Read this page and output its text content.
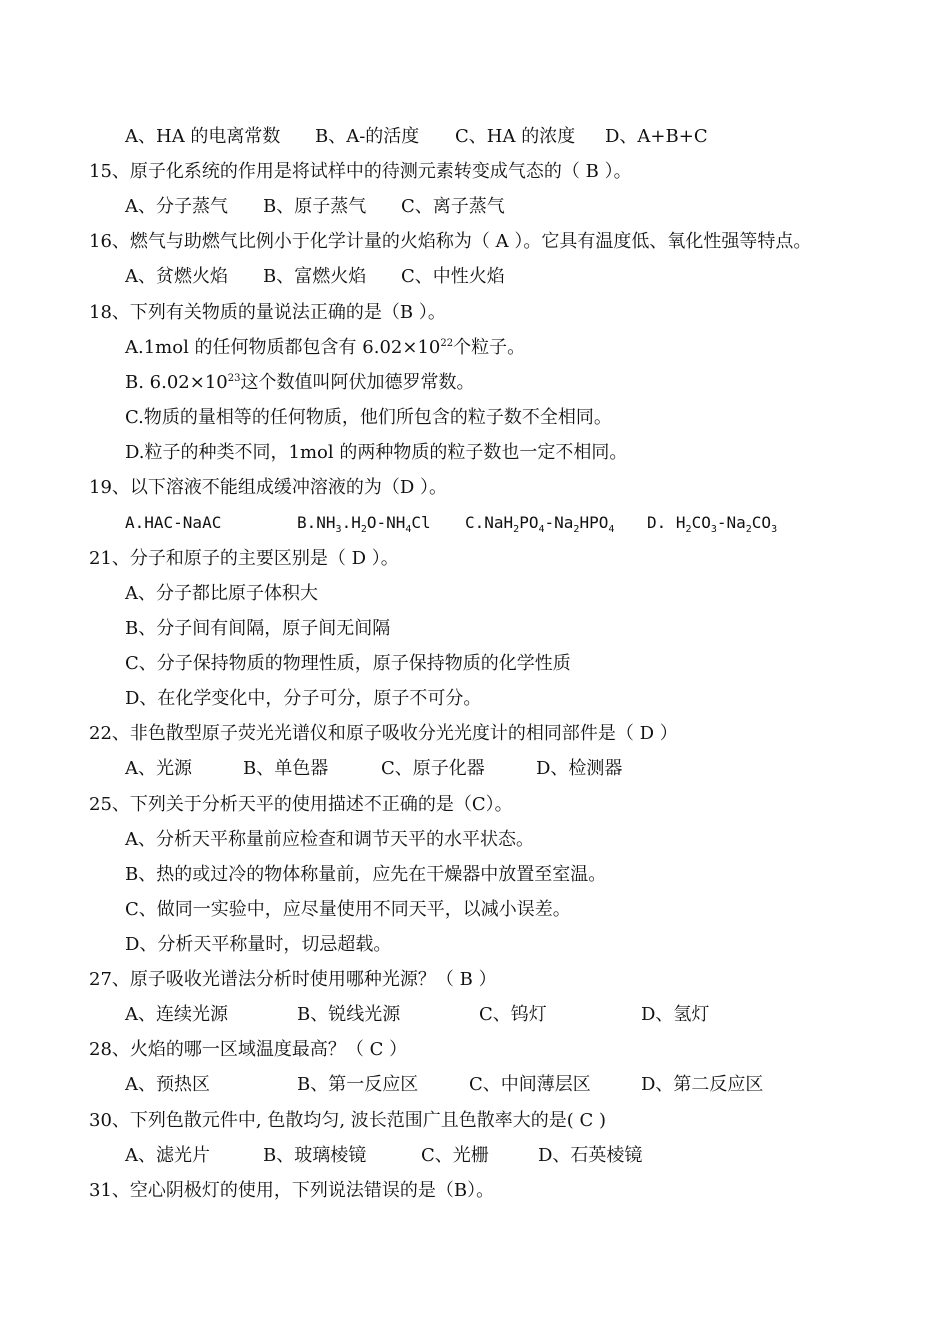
A、HA 的电离常数 B、A-的活度 C、HA 的浓度 D、A+B+C
15、原子化系统的作用是将试样中的待测元素转变成气态的（ B ）。
A、分子蒸气 B、原子蒸气 C、离子蒸气
16、燃气与助燃气比例小于化学计量的火焰称为（ A ）。它具有温度低、氧化性强等特点。
A、贫燃火焰 B、富燃火焰 C、中性火焰
18、下列有关物质的量说法正确的是（B ）。
A.1mol 的任何物质都包含有 $6.02\times 10^{22}$个粒子。
B. $6.02\times 10^{23}$这个数值叫阿伏加德罗常数。
C.物质的量相等的任何物质，他们所包含的粒子数不全相同。
D.粒子的种类不同，1mol 的两种物质的粒子数也一定不相同。
19、以下溶液不能组成缓冲溶液的为（D ）。
A.HAC-NaAC	$B.NH_3.H_2O-NH_4Cl$ $C.NaH_2PO_4-Na_2HPO_4$ D. $H_2CO_3-Na_2CO_3$
21、分子和原子的主要区别是（ D ）。
A、分子都比原子体积大
B、分子间有间隔，原子间无间隔
C、分子保持物质的物理性质，原子保持物质的化学性质
D、在化学变化中，分子可分，原子不可分。
22、非色散型原子荧光光谱仪和原子吸收分光光度计的相同部件是（ D ）
A、光源	B、单色器	C、原子化器	D、检测器
25、下列关于分析天平的使用描述不正确的是（C）。
A、分析天平称量前应检查和调节天平的水平状态。
B、热的或过冷的物体称量前，应先在干燥器中放置至室温。
C、做同一实验中，应尽量使用不同天平，以减小误差。
D、分析天平称量时，切忌超载。
27、原子吸收光谱法分析时使用哪种光源？（ B ）
A、连续光源	B、锐线光源	C、钨灯	D、氢灯
28、火焰的哪一区域温度最高？（ C ）
A、预热区	B、第一反应区	C、中间薄层区	D、第二反应区
30、下列色散元件中, 色散均匀, 波长范围广且色散率大的是( C )
A、滤光片	B、玻璃棱镜	C、光栅	D、石英棱镜
31、空心阴极灯的使用，下列说法错误的是（B）。
